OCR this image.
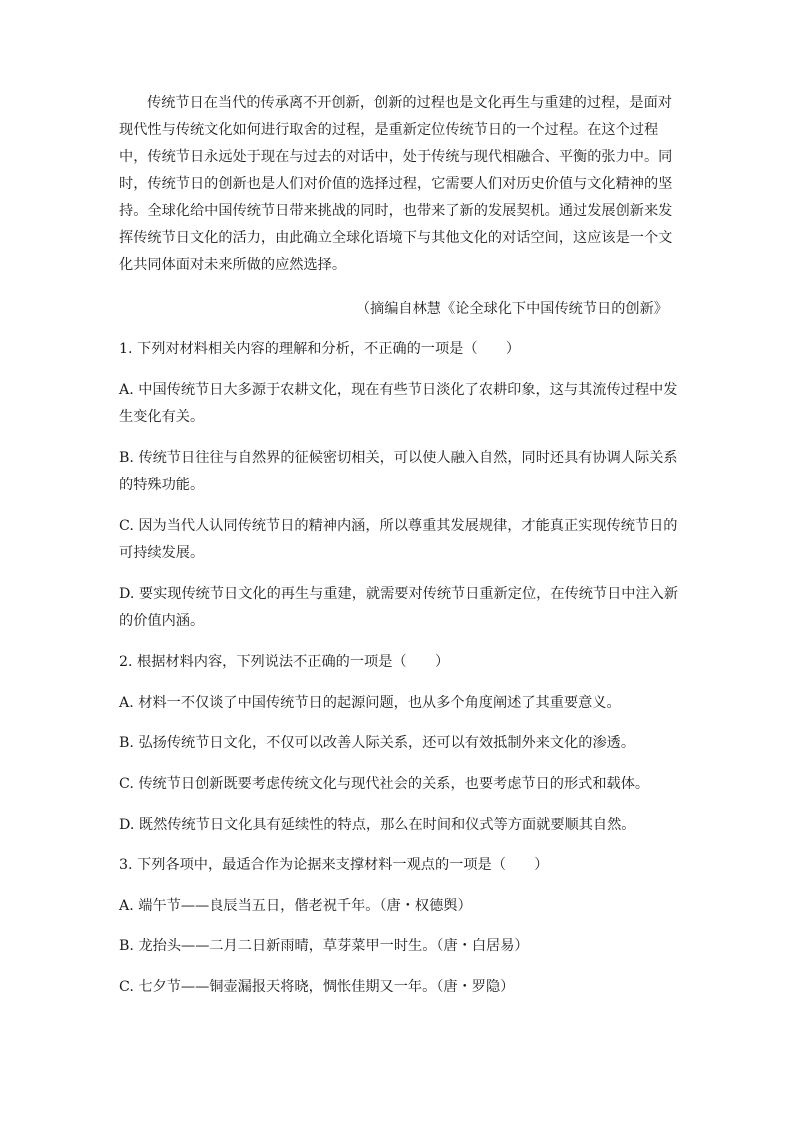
传统节日在当代的传承离不开创新，创新的过程也是文化再生与重建的过程，是面对
现代性与传统文化如何进行取舍的过程，是重新定位传统节日的一个过程。在这个过程
中，传统节日永远处于现在与过去的对话中，处于传统与现代相融合、平衡的张力中。同
时，传统节日的创新也是人们对价值的选择过程，它需要人们对历史价值与文化精神的坚
持。全球化给中国传统节日带来挑战的同时，也带来了新的发展契机。通过发展创新来发
挥传统节日文化的活力，由此确立全球化语境下与其他文化的对话空间，这应该是一个文
化共同体面对未来所做的应然选择。
（摘编自林慧《论全球化下中国传统节日的创新》
1. 下列对材料相关内容的理解和分析，不正确的一项是（　　）
A. 中国传统节日大多源于农耕文化，现在有些节日淡化了农耕印象，这与其流传过程中发
生变化有关。
B. 传统节日往往与自然界的征候密切相关，可以使人融入自然，同时还具有协调人际关系
的特殊功能。
C. 因为当代人认同传统节日的精神内涵，所以尊重其发展规律，才能真正实现传统节日的
可持续发展。
D. 要实现传统节日文化的再生与重建，就需要对传统节日重新定位，在传统节日中注入新
的价值内涵。
2. 根据材料内容，下列说法不正确的一项是（　　）
A. 材料一不仅谈了中国传统节日的起源问题，也从多个角度阐述了其重要意义。
B. 弘扬传统节日文化，不仅可以改善人际关系，还可以有效抵制外来文化的渗透。
C. 传统节日创新既要考虑传统文化与现代社会的关系，也要考虑节日的形式和载体。
D. 既然传统节日文化具有延续性的特点，那么在时间和仪式等方面就要顺其自然。
3. 下列各项中，最适合作为论据来支撑材料一观点的一项是（　　）
A. 端午节——良辰当五日，偕老祝千年。（唐・权德舆）
B. 龙抬头——二月二日新雨晴，草芽菜甲一时生。（唐・白居易）
C. 七夕节——铜壶漏报天将晓，惆怅佳期又一年。（唐・罗隐）
